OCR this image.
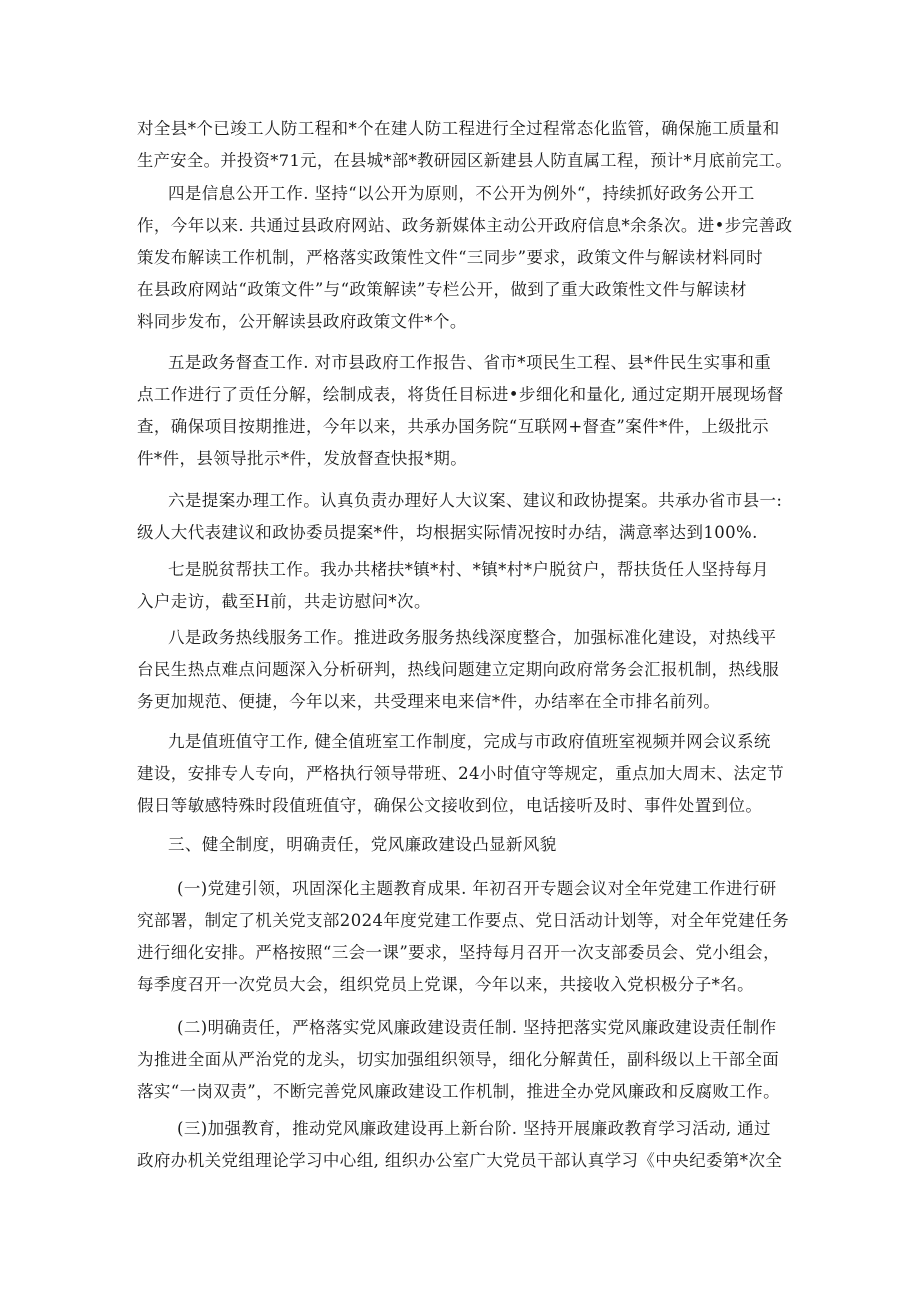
对全县*个已竣工人防工程和*个在建人防工程进行全过程常态化监管，确保施工质量和
生产安全。并投资*71元，在县城*部*教研园区新建县人防直属工程，预计*月底前完工。
四是信息公开工作. 坚持“以公开为原则，不公开为例外“，持续抓好政务公开工
作，今年以来. 共通过县政府网站、政务新媒体主动公开政府信息*余条次。进•步完善政
策发布解读工作机制，严格落实政策性文件“三同步”要求，政策文件与解读材料同时
在县政府网站“政策文件”与“政策解读”专栏公开，做到了重大政策性文件与解读材
料同步发布，公开解读县政府政策文件*个。
五是政务督查工作. 对市县政府工作报告、省市*项民生工程、县*件民生实事和重
点工作进行了贡任分解，绘制成表，将货任目标进•步细化和量化, 通过定期开展现场督
查，确保项目按期推进，今年以来，共承办国务院“互联网+督查”案件*件，上级批示
件*件，县领导批示*件，发放督查快报*期。
六是提案办理工作。认真负责办理好人大议案、建议和政协提案。共承办省市县一:
级人大代表建议和政协委员提案*件，均根据实际情况按时办结，满意率达到100%.
七是脱贫帮扶工作。我办共楮扶*镇*村、*镇*村*户脱贫户，帮扶货任人坚持每月
入户走访，截至H前，共走访慰问*次。
八是政务热线服务工作。推进政务服务热线深度整合，加强标准化建设，对热线平
台民生热点难点问题深入分析研判，热线问题建立定期向政府常务会汇报机制，热线服
务更加规范、便捷，今年以来，共受理来电来信*件，办结率在全市排名前列。
九是值班值守工作, 健全值班室工作制度，完成与市政府值班室视频并网会议系统
建设，安排专人专向，严格执行领导带班、24小时值守等规定，重点加大周末、法定节
假日等敏感特殊时段值班值守，确保公文接收到位，电话接听及时、事件处置到位。
三、健全制度，明确责任，党风廉政建设凸显新风貌
(一)党建引领，巩固深化主题教育成果. 年初召开专题会议对全年党建工作进行研
究部署，制定了机关党支部2024年度党建工作要点、党日活动计划等，对全年党建任务
进行细化安排。严格按照“三会一课”要求，坚持每月召开一次支部委员会、党小组会，
每季度召开一次党员大会，组织党员上党课，今年以来，共接收入党枳极分子*名。
(二)明确责任，严格落实党风廉政建设责任制. 坚持把落实党风廉政建设责任制作
为推进全面从严治党的龙头，切实加强组织领导，细化分解黄任，副科级以上干部全面
落实“一岗双责”，不断完善党风廉政建设工作机制，推进全办党风廉政和反腐败工作。
(三)加强教育，推动党风廉政建设再上新台阶. 坚持开展廉政教育学习活动, 通过
政府办机关党组理论学习中心组, 组织办公室广大党员干部认真学习《中央纪委第*次全
